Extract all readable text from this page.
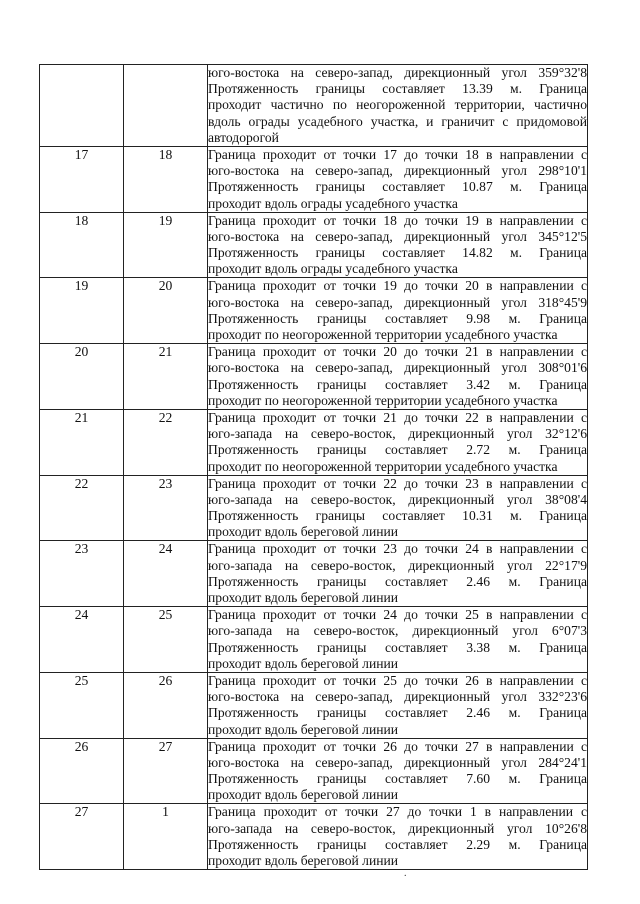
		юго-востока на северо-запад, дирекционный угол 359°32'8
Протяженность границы составляет 13.39 м. Граница
проходит частично по неогороженной территории, частично
вдоль ограды усадебного участка, и граничит с придомовой
автодорогой

17	18	Граница проходит от точки 17 до точки 18 в направлении с
юго-востока на северо-запад, дирекционный угол 298°10'1
Протяженность границы составляет 10.87 м. Граница
проходит вдоль ограды усадебного участка

18	19	Граница проходит от точки 18 до точки 19 в направлении с
юго-востока на северо-запад, дирекционный угол 345°12'5
Протяженность границы составляет 14.82 м. Граница
проходит вдоль ограды усадебного участка

19	20	Граница проходит от точки 19 до точки 20 в направлении с
юго-востока на северо-запад, дирекционный угол 318°45'9
Протяженность границы составляет 9.98 м. Граница
проходит по неогороженной территории усадебного участка

20	21	Граница проходит от точки 20 до точки 21 в направлении с
юго-востока на северо-запад, дирекционный угол 308°01'6
Протяженность границы составляет 3.42 м. Граница
проходит по неогороженной территории усадебного участка

21	22	Граница проходит от точки 21 до точки 22 в направлении с
юго-запада на северо-восток, дирекционный угол 32°12'6
Протяженность границы составляет 2.72 м. Граница
проходит по неогороженной территории усадебного участка

22	23	Граница проходит от точки 22 до точки 23 в направлении с
юго-запада на северо-восток, дирекционный угол 38°08'4
Протяженность границы составляет 10.31 м. Граница
проходит вдоль береговой линии

23	24	Граница проходит от точки 23 до точки 24 в направлении с
юго-запада на северо-восток, дирекционный угол 22°17'9
Протяженность границы составляет 2.46 м. Граница
проходит вдоль береговой линии

24	25	Граница проходит от точки 24 до точки 25 в направлении с
юго-запада на северо-восток, дирекционный угол 6°07'3
Протяженность границы составляет 3.38 м. Граница
проходит вдоль береговой линии

25	26	Граница проходит от точки 25 до точки 26 в направлении с
юго-востока на северо-запад, дирекционный угол 332°23'6
Протяженность границы составляет 2.46 м. Граница
проходит вдоль береговой линии

26	27	Граница проходит от точки 26 до точки 27 в направлении с
юго-востока на северо-запад, дирекционный угол 284°24'1
Протяженность границы составляет 7.60 м. Граница
проходит вдоль береговой линии

27	1	Граница проходит от точки 27 до точки 1 в направлении с
юго-запада на северо-восток, дирекционный угол 10°26'8
Протяженность границы составляет 2.29 м. Граница
проходит вдоль береговой линии
.
